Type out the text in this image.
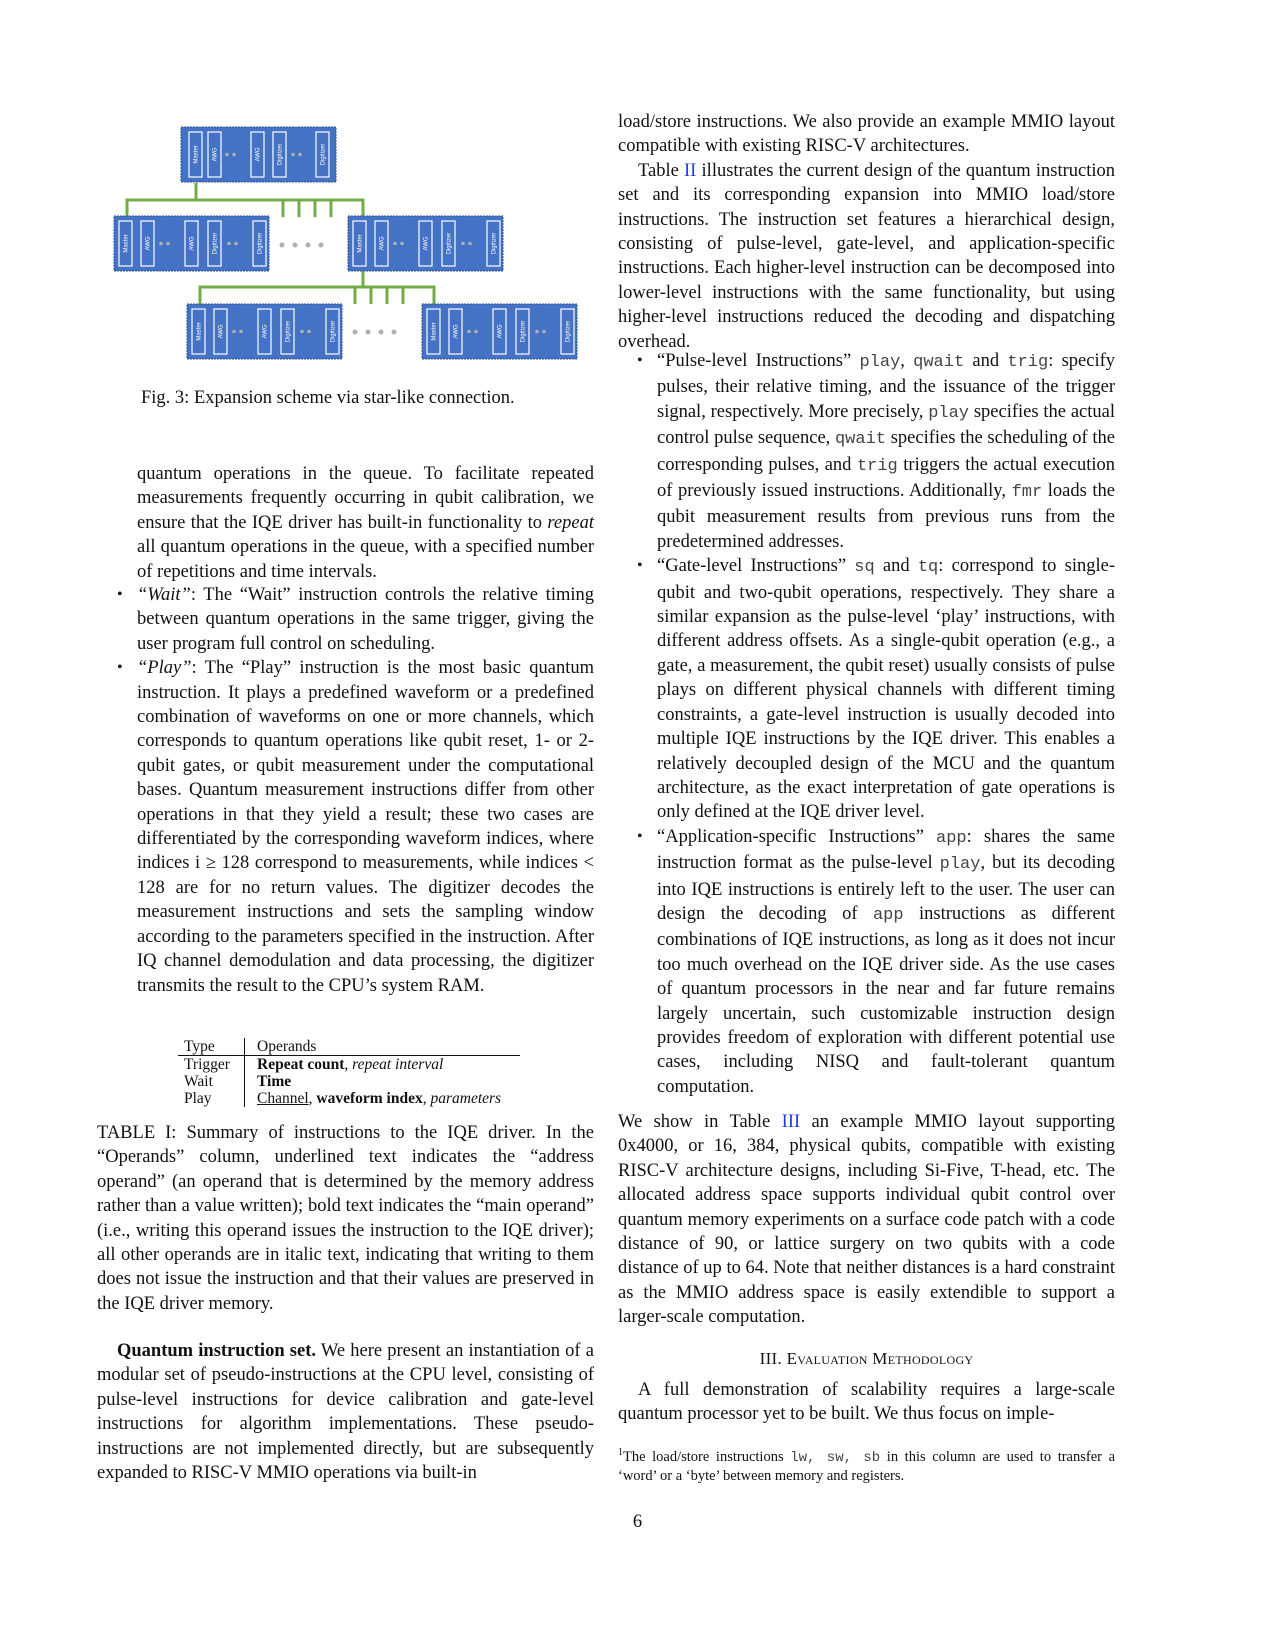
Master AWG	AWG	Digitizer	Digitizer
Master	AWG	AWG	Digitizer	Digitizer	Master	AWG	AWG	Digitizer	Digitizer
Master	AWG	AWG	Digitizer	Digitizer	Master	AWG	AWG	Digitizer	Digitizer
Fig. 3: Expansion scheme via star-like connection.

quantum operations in the queue. To facilitate repeated measurements frequently occurring in qubit calibration, we ensure that the IQE driver has built-in functionality to repeat all quantum operations in the queue, with a specified number of repetitions and time intervals.

• “Wait”: The “Wait” instruction controls the relative timing between quantum operations in the same trigger, giving the user program full control on scheduling.
• “Play”: The “Play” instruction is the most basic quantum instruction. It plays a predefined waveform or a predefined combination of waveforms on one or more channels, which corresponds to quantum operations like qubit reset, 1- or 2-qubit gates, or qubit measurement under the computational bases. Quantum measurement instructions differ from other operations in that they yield a result; these two cases are differentiated by the corresponding waveform indices, where indices i ≥ 128 correspond to measurements, while indices < 128 are for no return values. The digitizer decodes the measurement instructions and sets the sampling window according to the parameters specified in the instruction. After IQ channel demodulation and data processing, the digitizer transmits the result to the CPU’s system RAM.
Type	Operands
Trigger	Repeat count, repeat interval
Wait	Time
Play	Channel, waveform index, parameters

TABLE I: Summary of instructions to the IQE driver. In the “Operands” column, underlined text indicates the “address operand” (an operand that is determined by the memory address rather than a value written); bold text indicates the “main operand” (i.e., writing this operand issues the instruction to the IQE driver); all other operands are in italic text, indicating that writing to them does not issue the instruction and that their values are preserved in the IQE driver memory.

Quantum instruction set. We here present an instantiation of a modular set of pseudo-instructions at the CPU level, consisting of pulse-level instructions for device calibration and gate-level instructions for algorithm implementations. These pseudo-instructions are not implemented directly, but are subsequently expanded to RISC-V MMIO operations via built-in

load/store instructions. We also provide an example MMIO layout compatible with existing RISC-V architectures.

Table II illustrates the current design of the quantum instruction set and its corresponding expansion into MMIO load/store instructions. The instruction set features a hierarchical design, consisting of pulse-level, gate-level, and application-specific instructions. Each higher-level instruction can be decomposed into lower-level instructions with the same functionality, but using higher-level instructions reduced the decoding and dispatching overhead.

• “Pulse-level Instructions” play, qwait and trig: specify pulses, their relative timing, and the issuance of the trigger signal, respectively. More precisely, play specifies the actual control pulse sequence, qwait specifies the scheduling of the corresponding pulses, and trig triggers the actual execution of previously issued instructions. Additionally, fmr loads the qubit measurement results from previous runs from the predetermined addresses.
• “Gate-level Instructions” sq and tq: correspond to single-qubit and two-qubit operations, respectively. They share a similar expansion as the pulse-level ‘play’ instructions, with different address offsets. As a single-qubit operation (e.g., a gate, a measurement, the qubit reset) usually consists of pulse plays on different physical channels with different timing constraints, a gate-level instruction is usually decoded into multiple IQE instructions by the IQE driver. This enables a relatively decoupled design of the MCU and the quantum architecture, as the exact interpretation of gate operations is only defined at the IQE driver level.
• “Application-specific Instructions” app: shares the same instruction format as the pulse-level play, but its decoding into IQE instructions is entirely left to the user. The user can design the decoding of app instructions as different combinations of IQE instructions, as long as it does not incur too much overhead on the IQE driver side. As the use cases of quantum processors in the near and far future remains largely uncertain, such customizable instruction design provides freedom of exploration with different potential use cases, including NISQ and fault-tolerant quantum computation.

We show in Table III an example MMIO layout supporting 0x4000, or 16, 384, physical qubits, compatible with existing RISC-V architecture designs, including Si-Five, T-head, etc. The allocated address space supports individual qubit control over quantum memory experiments on a surface code patch with a code distance of 90, or lattice surgery on two qubits with a code distance of up to 64. Note that neither distances is a hard constraint as the MMIO address space is easily extendible to support a larger-scale computation.

III. Evaluation Methodology

A full demonstration of scalability requires a large-scale quantum processor yet to be built. We thus focus on imple-

$^1$The load/store instructions lw, sw, sb in this column are used to transfer a ‘word’ or a ‘byte’ between memory and registers.
6
